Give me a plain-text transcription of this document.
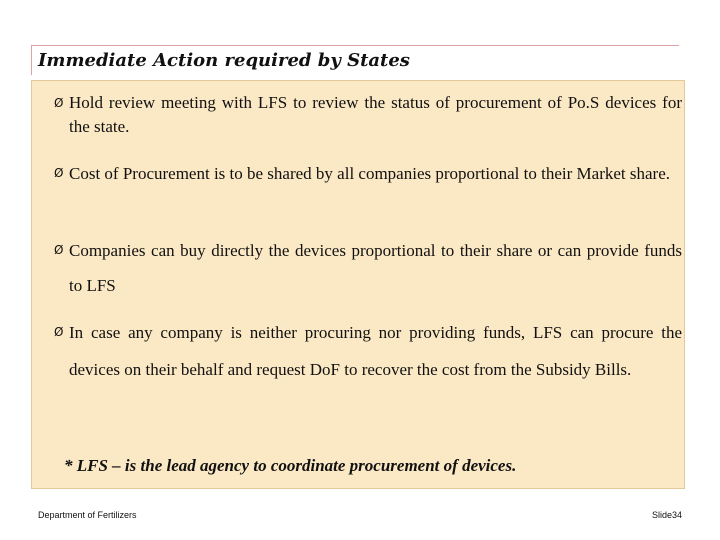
Immediate Action required by States
Ø Hold review meeting with LFS to review the status of procurement of Po.S devices for the state.
Ø Cost of Procurement is to be shared by all companies proportional to their Market share.
Ø Companies can buy directly the devices proportional to their share or can provide funds to LFS
Ø In case any company is neither procuring nor providing funds, LFS can procure the devices on their behalf and request DoF to recover the cost from the Subsidy Bills.
* LFS – is the lead agency to coordinate procurement of devices.
Department of Fertilizers	Slide34
